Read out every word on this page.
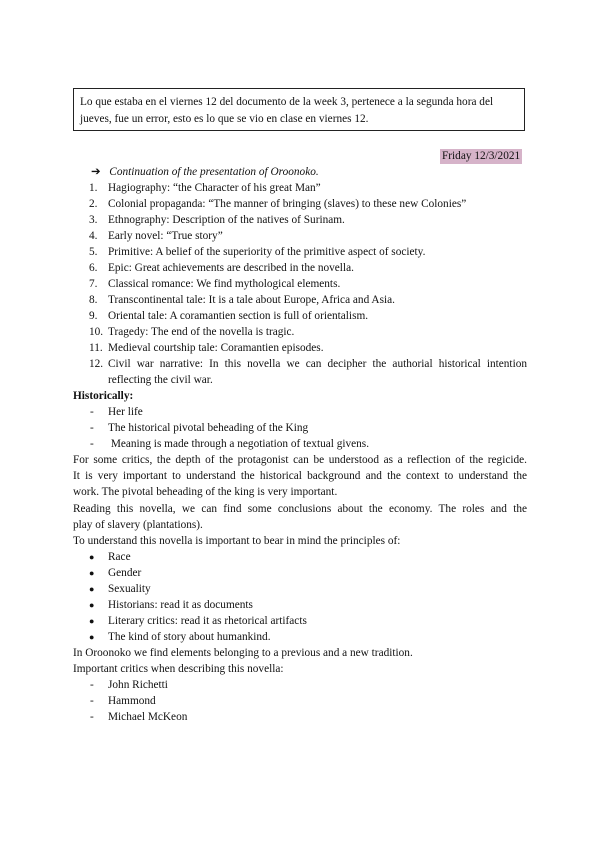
Lo que estaba en el viernes 12 del documento de la week 3, pertenece a la segunda hora del jueves, fue un error, esto es lo que se vio en clase en viernes 12.
Friday 12/3/2021
➔ Continuation of the presentation of Oroonoko.
1. Hagiography: “the Character of his great Man”
2. Colonial propaganda: “The manner of bringing (slaves) to these new Colonies”
3. Ethnography: Description of the natives of Surinam.
4. Early novel: “True story”
5. Primitive: A belief of the superiority of the primitive aspect of society.
6. Epic: Great achievements are described in the novella.
7. Classical romance: We find mythological elements.
8. Transcontinental tale: It is a tale about Europe, Africa and Asia.
9. Oriental tale: A coramantien section is full of orientalism.
10. Tragedy: The end of the novella is tragic.
11. Medieval courtship tale: Coramantien episodes.
12. Civil war narrative: In this novella we can decipher the authorial historical intention
reflecting the civil war.
Historically:
- Her life
- The historical pivotal beheading of the King
- Meaning is made through a negotiation of textual givens.
For some critics, the depth of the protagonist can be understood as a reflection of the regicide.
It is very important to understand the historical background and the context to understand the
work. The pivotal beheading of the king is very important.
Reading this novella, we can find some conclusions about the economy. The roles and the
play of slavery (plantations).
To understand this novella is important to bear in mind the principles of:
● Race
● Gender
● Sexuality
● Historians: read it as documents
● Literary critics: read it as rhetorical artifacts
● The kind of story about humankind.
In Oroonoko we find elements belonging to a previous and a new tradition.
Important critics when describing this novella:
- John Richetti
- Hammond
- Michael McKeon
